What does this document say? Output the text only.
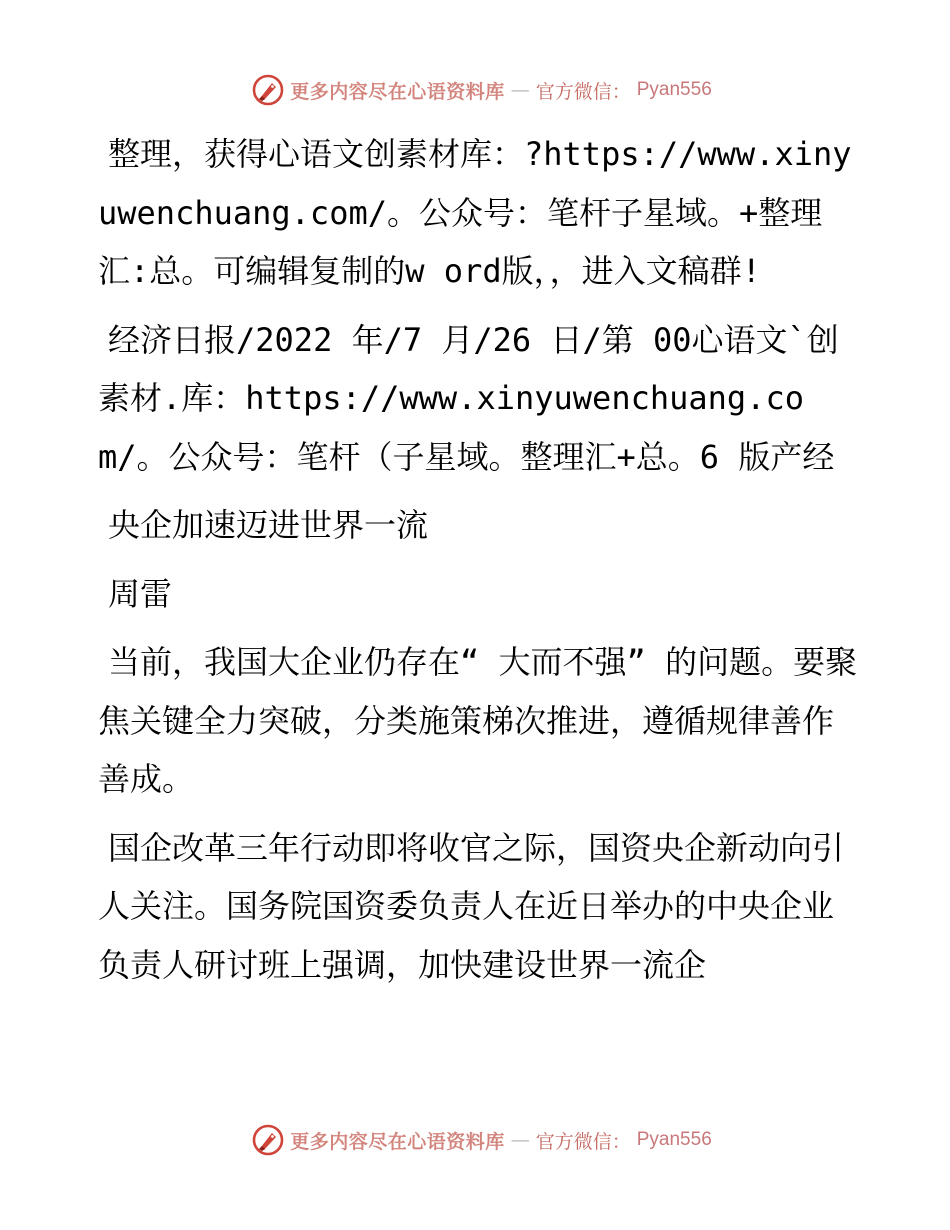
更多内容尽在心语资料库 — 官方微信： Pyan556

整理，获得心语文创素材库：?https://www.xinyuwenchuang.com/。公众号：笔杆子星域。+整理汇:总。可编辑复制的w ord版，，进入文稿群!

经济日报/2022 年/7 月/26 日/第 00心语文`创素材.库：https://www.xinyuwenchuang.com/。公众号：笔杆（子星域。整理汇+总。6 版产经

央企加速迈进世界一流

周雷

当前，我国大企业仍存在“ 大而不强” 的问题。要聚焦关键全力突破，分类施策梯次推进，遵循规律善作善成。

国企改革三年行动即将收官之际，国资央企新动向引人关注。国务院国资委负责人在近日举办的中央企业负责人研讨班上强调，加快建设世界一流企

更多内容尽在心语资料库 — 官方微信： Pyan556
